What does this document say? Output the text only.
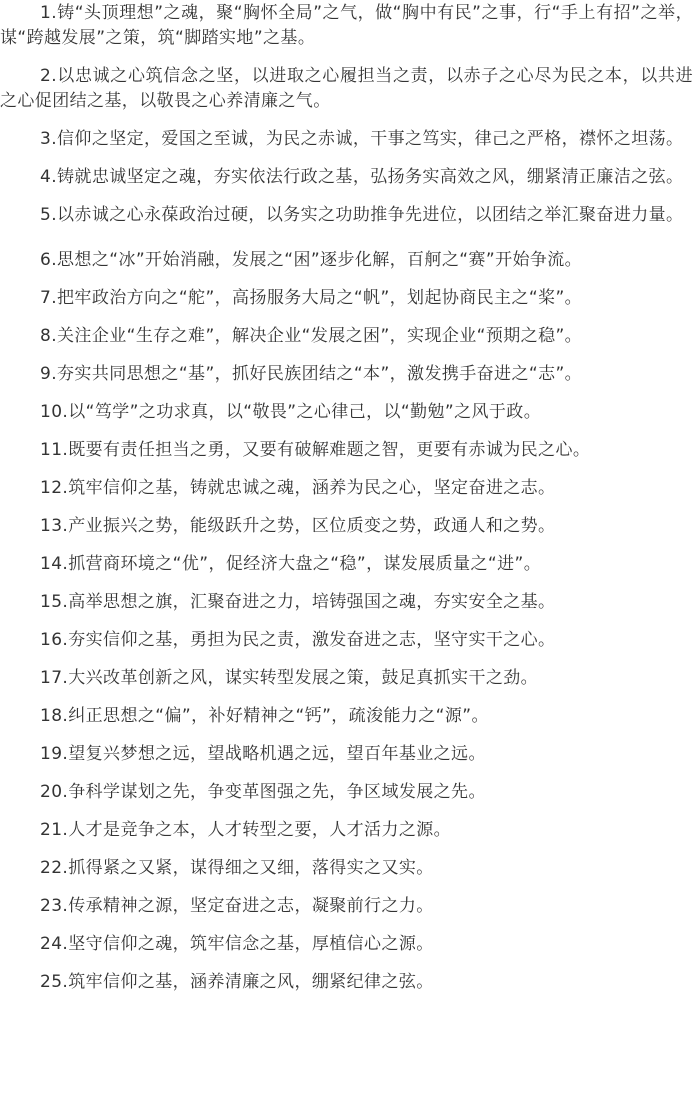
1.铸“头顶理想”之魂，聚“胸怀全局”之气，做“胸中有民”之事，行“手上有招”之举，谋“跨越发展”之策，筑“脚踏实地”之基。

2.以忠诚之心筑信念之坚，以进取之心履担当之责，以赤子之心尽为民之本，以共进之心促团结之基，以敬畏之心养清廉之气。

3.信仰之坚定，爱国之至诚，为民之赤诚，干事之笃实，律己之严格，襟怀之坦荡。

4.铸就忠诚坚定之魂，夯实依法行政之基，弘扬务实高效之风，绷紧清正廉洁之弦。

5.以赤诚之心永葆政治过硬，以务实之功助推争先进位，以团结之举汇聚奋进力量。

6.思想之“冰”开始消融，发展之“困”逐步化解，百舸之“赛”开始争流。

7.把牢政治方向之“舵”，高扬服务大局之“帆”，划起协商民主之“桨”。

8.关注企业“生存之难”，解决企业“发展之困”，实现企业“预期之稳”。

9.夯实共同思想之“基”，抓好民族团结之“本”，激发携手奋进之“志”。

10.以“笃学”之功求真，以“敬畏”之心律己，以“勤勉”之风于政。

11.既要有责任担当之勇，又要有破解难题之智，更要有赤诚为民之心。

12.筑牢信仰之基，铸就忠诚之魂，涵养为民之心，坚定奋进之志。

13.产业振兴之势，能级跃升之势，区位质变之势，政通人和之势。

14.抓营商环境之“优”，促经济大盘之“稳”，谋发展质量之“进”。

15.高举思想之旗，汇聚奋进之力，培铸强国之魂，夯实安全之基。

16.夯实信仰之基，勇担为民之责，激发奋进之志，坚守实干之心。

17.大兴改革创新之风，谋实转型发展之策，鼓足真抓实干之劲。

18.纠正思想之“偏”，补好精神之“钙”，疏浚能力之“源”。

19.望复兴梦想之远，望战略机遇之远，望百年基业之远。

20.争科学谋划之先，争变革图强之先，争区域发展之先。

21.人才是竞争之本，人才转型之要，人才活力之源。

22.抓得紧之又紧，谋得细之又细，落得实之又实。

23.传承精神之源，坚定奋进之志，凝聚前行之力。

24.坚守信仰之魂，筑牢信念之基，厚植信心之源。

25.筑牢信仰之基，涵养清廉之风，绷紧纪律之弦。
